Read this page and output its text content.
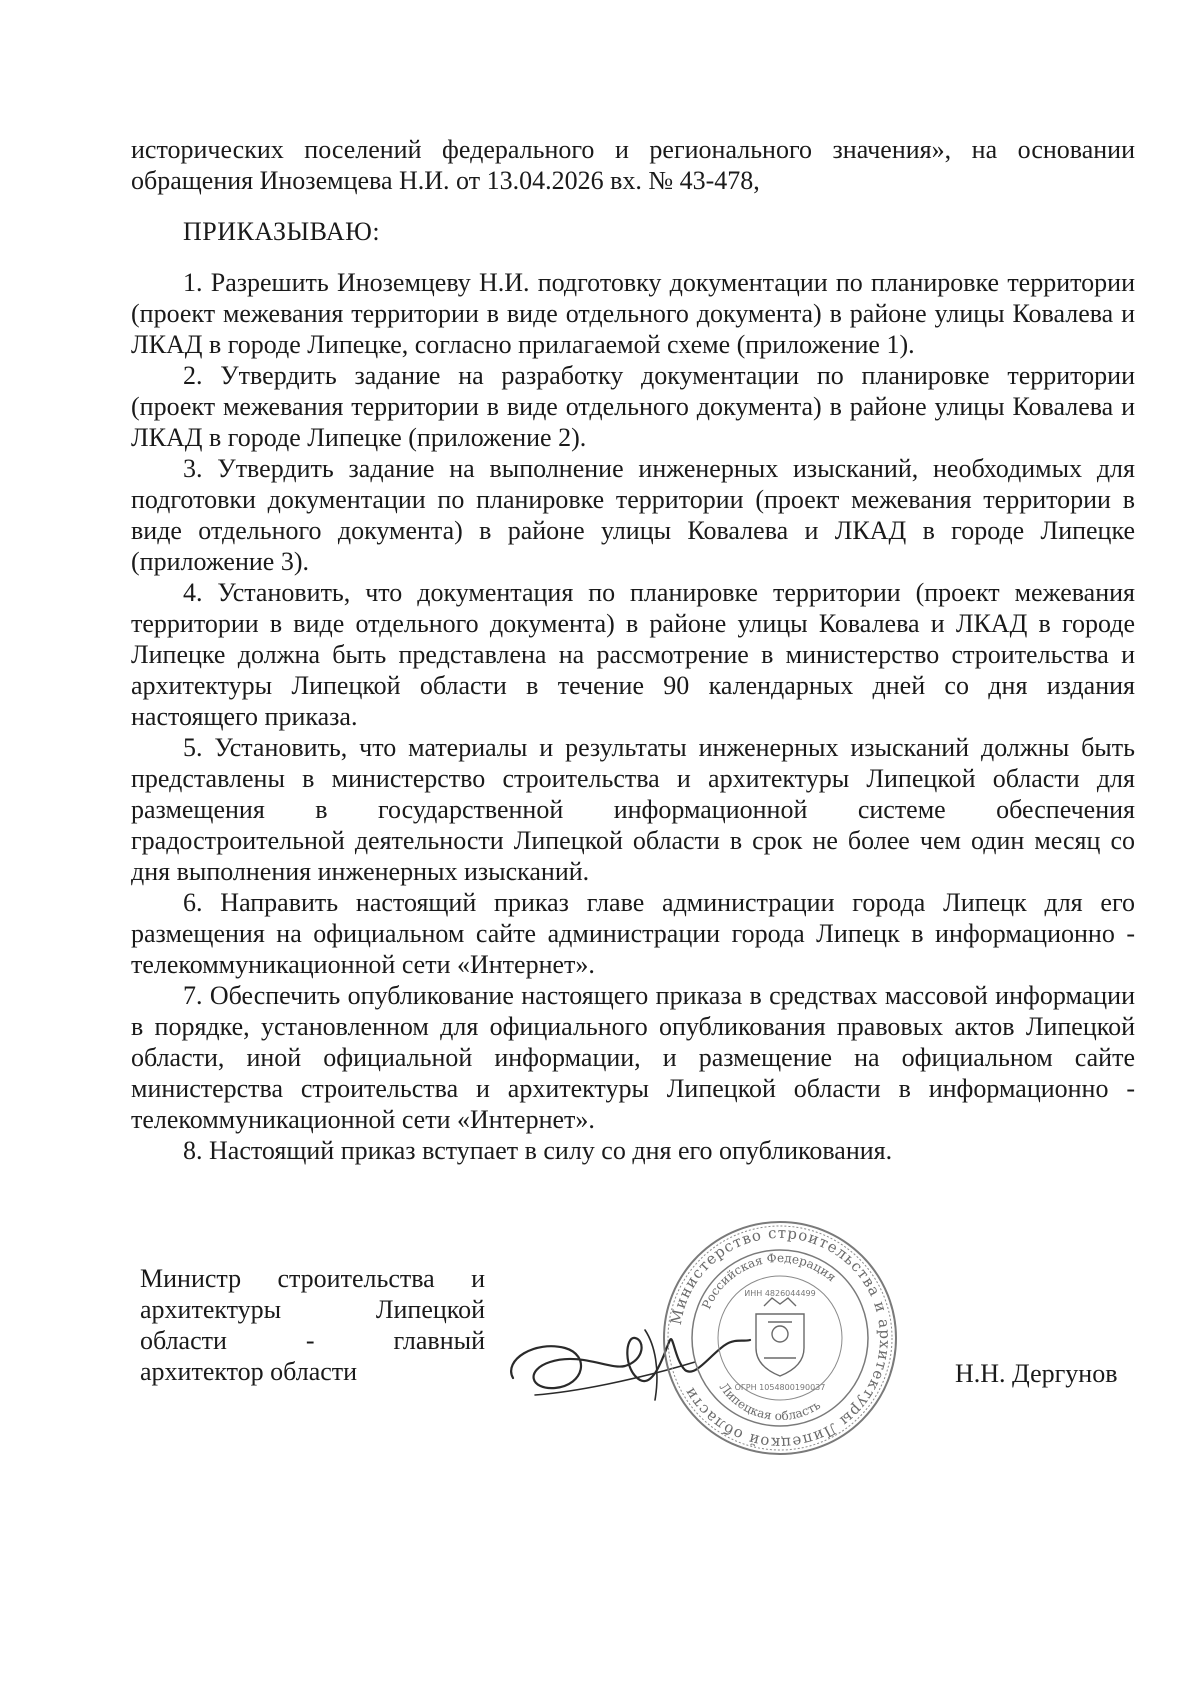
исторических поселений федерального и регионального значения», на основании обращения Иноземцева Н.И. от 13.04.2026 вх. № 43-478,

ПРИКАЗЫВАЮ:

1. Разрешить Иноземцеву Н.И. подготовку документации по планировке территории (проект межевания территории в виде отдельного документа) в районе улицы Ковалева и ЛКАД в городе Липецке, согласно прилагаемой схеме (приложение 1).

2. Утвердить задание на разработку документации по планировке территории (проект межевания территории в виде отдельного документа) в районе улицы Ковалева и ЛКАД в городе Липецке (приложение 2).

3. Утвердить задание на выполнение инженерных изысканий, необходимых для подготовки документации по планировке территории (проект межевания территории в виде отдельного документа) в районе улицы Ковалева и ЛКАД в городе Липецке (приложение 3).

4. Установить, что документация по планировке территории (проект межевания территории в виде отдельного документа) в районе улицы Ковалева и ЛКАД в городе Липецке должна быть представлена на рассмотрение в министерство строительства и архитектуры Липецкой области в течение 90 календарных дней со дня издания настоящего приказа.

5. Установить, что материалы и результаты инженерных изысканий должны быть представлены в министерство строительства и архитектуры Липецкой области для размещения в государственной информационной системе обеспечения градостроительной деятельности Липецкой области в срок не более чем один месяц со дня выполнения инженерных изысканий.

6. Направить настоящий приказ главе администрации города Липецк для его размещения на официальном сайте администрации города Липецк в информационно - телекоммуникационной сети «Интернет».

7. Обеспечить опубликование настоящего приказа в средствах массовой информации в порядке, установленном для официального опубликования правовых актов Липецкой области, иной официальной информации, и размещение на официальном сайте министерства строительства и архитектуры Липецкой области в информационно - телекоммуникационной сети «Интернет».

8. Настоящий приказ вступает в силу со дня его опубликования.

Министр строительства и
архитектуры Липецкой
области - главный
архитектор области
Министерство строительства и архитектуры Липецкой области
Российская Федерация
Липецкая область
ИНН 4826044499
ОГРН 1054800190037	Н.Н. Дергунов
